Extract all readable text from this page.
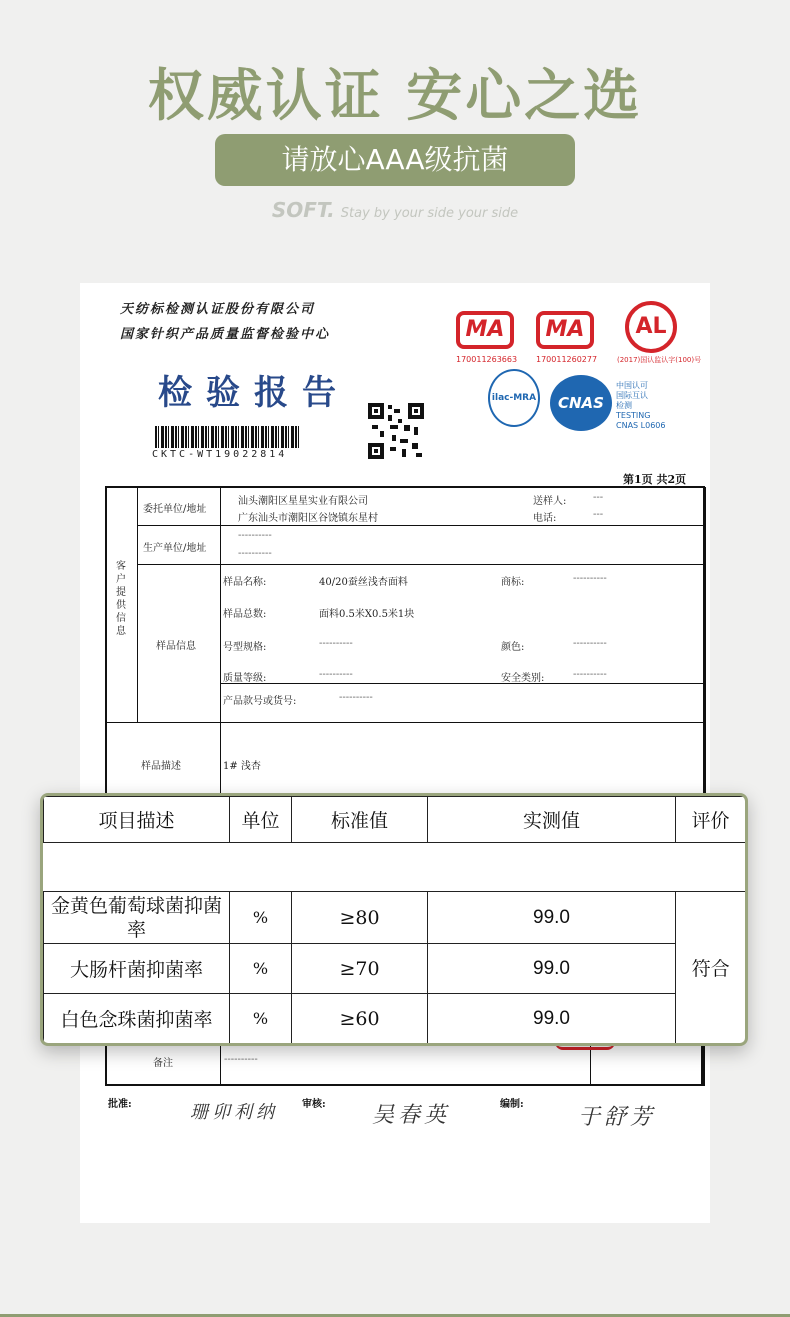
权威认证 安心之选
请放心AAA级抗菌
SOFT. Stay by your side your side
天纺标检测认证股份有限公司
国家针织产品质量监督检验中心
检验报告
CKTC-WT19022814
MA	MA
170011263663 170011260277
AL
(2017)国认监认字(100)号
ilac-MRA	CNAS
中国认可
国际互认
检测
TESTING
CNAS L0606
第1页 共2页
客户提供信息
委托单位/地址
汕头潮阳区星星实业有限公司
广东汕头市潮阳区谷饶镇东星村
送样人:	---
电话:	---
生产单位/地址
----------
----------
样品信息
样品名称:	40/20蚕丝浅杏面料	商标:	----------
样品总数:	面料0.5米X0.5米1块
号型规格:	----------	颜色:	----------
质量等级:	----------	安全类别:	----------
产品款号或货号:	----------
样品描述	1# 浅杏
备注	----------
批准:	珊卯利纳 审核: 吴春英	编制:
于舒芳
项目描述	单位	标准值	实测值	评价

金黄色葡萄球菌抑菌率	%	≥80	99.0	符合
大肠杆菌抑菌率	%	≥70	99.0	
白色念珠菌抑菌率	%	≥60	99.0	
